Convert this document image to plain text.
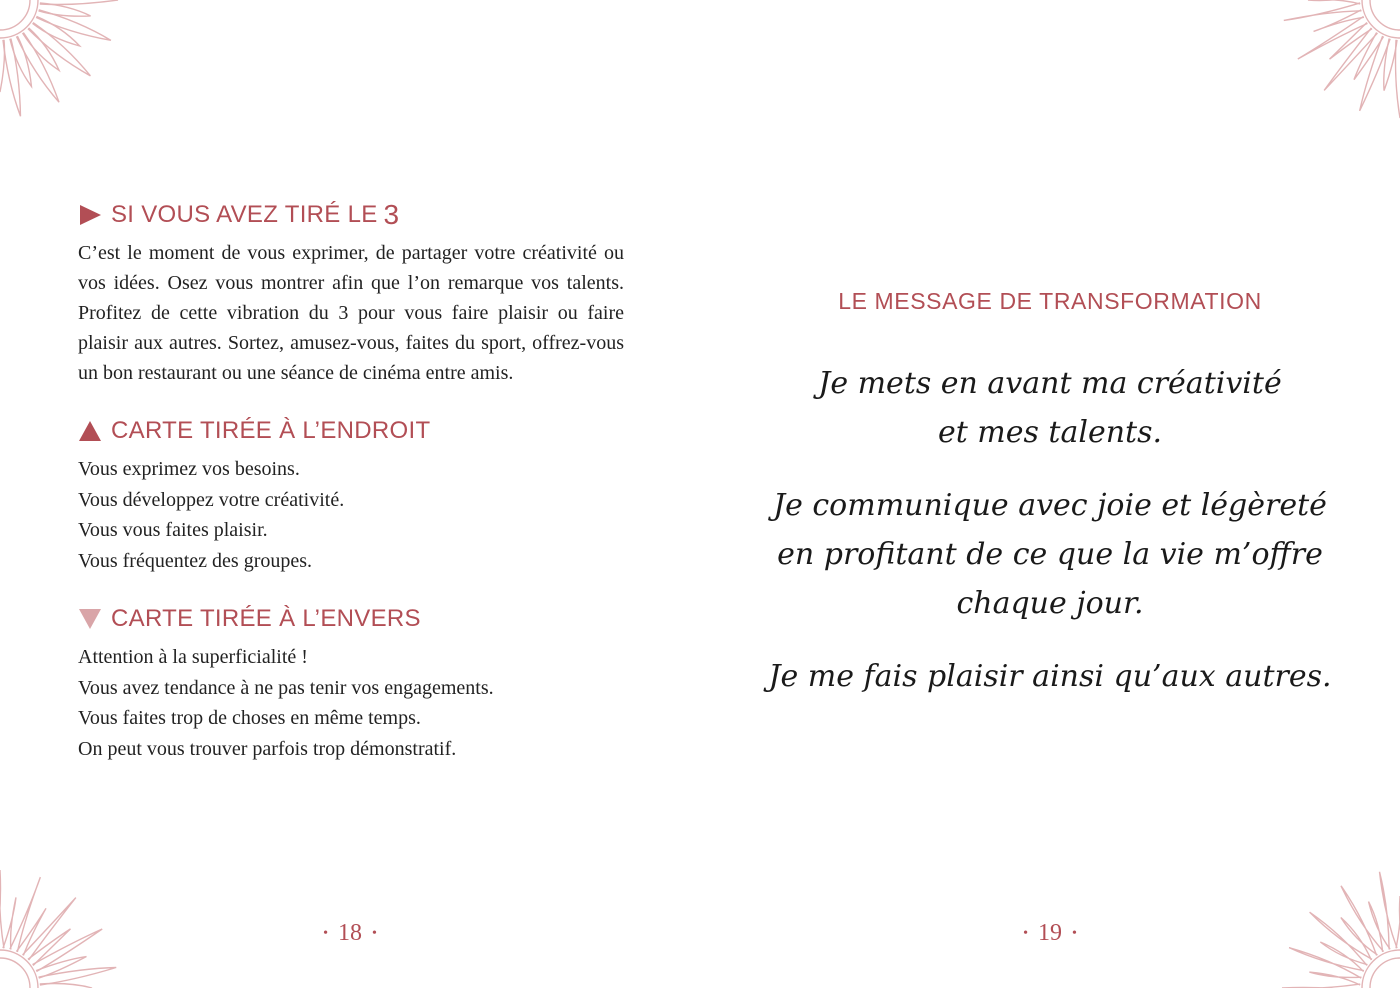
SI VOUS AVEZ TIRÉ LE 3
C’est le moment de vous exprimer, de partager votre créativité ou vos idées. Osez vous montrer afin que l’on remarque vos talents. Profitez de cette vibration du 3 pour vous faire plaisir ou faire plaisir aux autres. Sortez, amusez-vous, faites du sport, offrez-vous un bon restaurant ou une séance de cinéma entre amis.
CARTE TIRÉE À L’ENDROIT
Vous exprimez vos besoins.
Vous développez votre créativité.
Vous vous faites plaisir.
Vous fréquentez des groupes.
CARTE TIRÉE À L’ENVERS
Attention à la superficialité !
Vous avez tendance à ne pas tenir vos engagements.
Vous faites trop de choses en même temps.
On peut vous trouver parfois trop démonstratif.
• 18 •
LE MESSAGE DE TRANSFORMATION
Je mets en avant ma créativité
et mes talents.
Je communique avec joie et légèreté
en profitant de ce que la vie m’offre
chaque jour.
Je me fais plaisir ainsi qu’aux autres.
• 19 •
